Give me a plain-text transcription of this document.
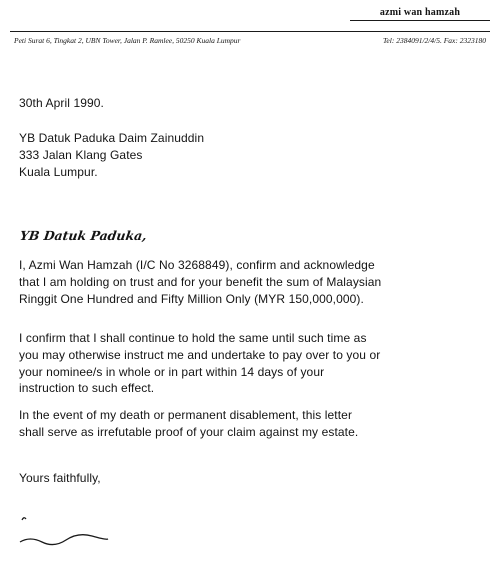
azmi wan hamzah
Peti Surat 6, Tingkat 2, UBN Tower, Jalan P. Ramlee, 50250 Kuala Lumpur	Tel: 2384091/2/4/5. Fax: 2323180
30th April 1990.
YB Datuk Paduka Daim Zainuddin
333 Jalan Klang Gates
Kuala Lumpur.
YB Datuk Paduka,
I, Azmi Wan Hamzah (I/C No 3268849), confirm and acknowledge
that I am holding on trust and for your benefit the sum of Malaysian
Ringgit One Hundred and Fifty Million Only (MYR 150,000,000).
I confirm that I shall continue to hold the same until such time as
you may otherwise instruct me and undertake to pay over to you or
your nominee/s in whole or in part within 14 days of your
instruction to such effect.
In the event of my death or permanent disablement, this letter
shall serve as irrefutable proof of your claim against my estate.
Yours faithfully,
